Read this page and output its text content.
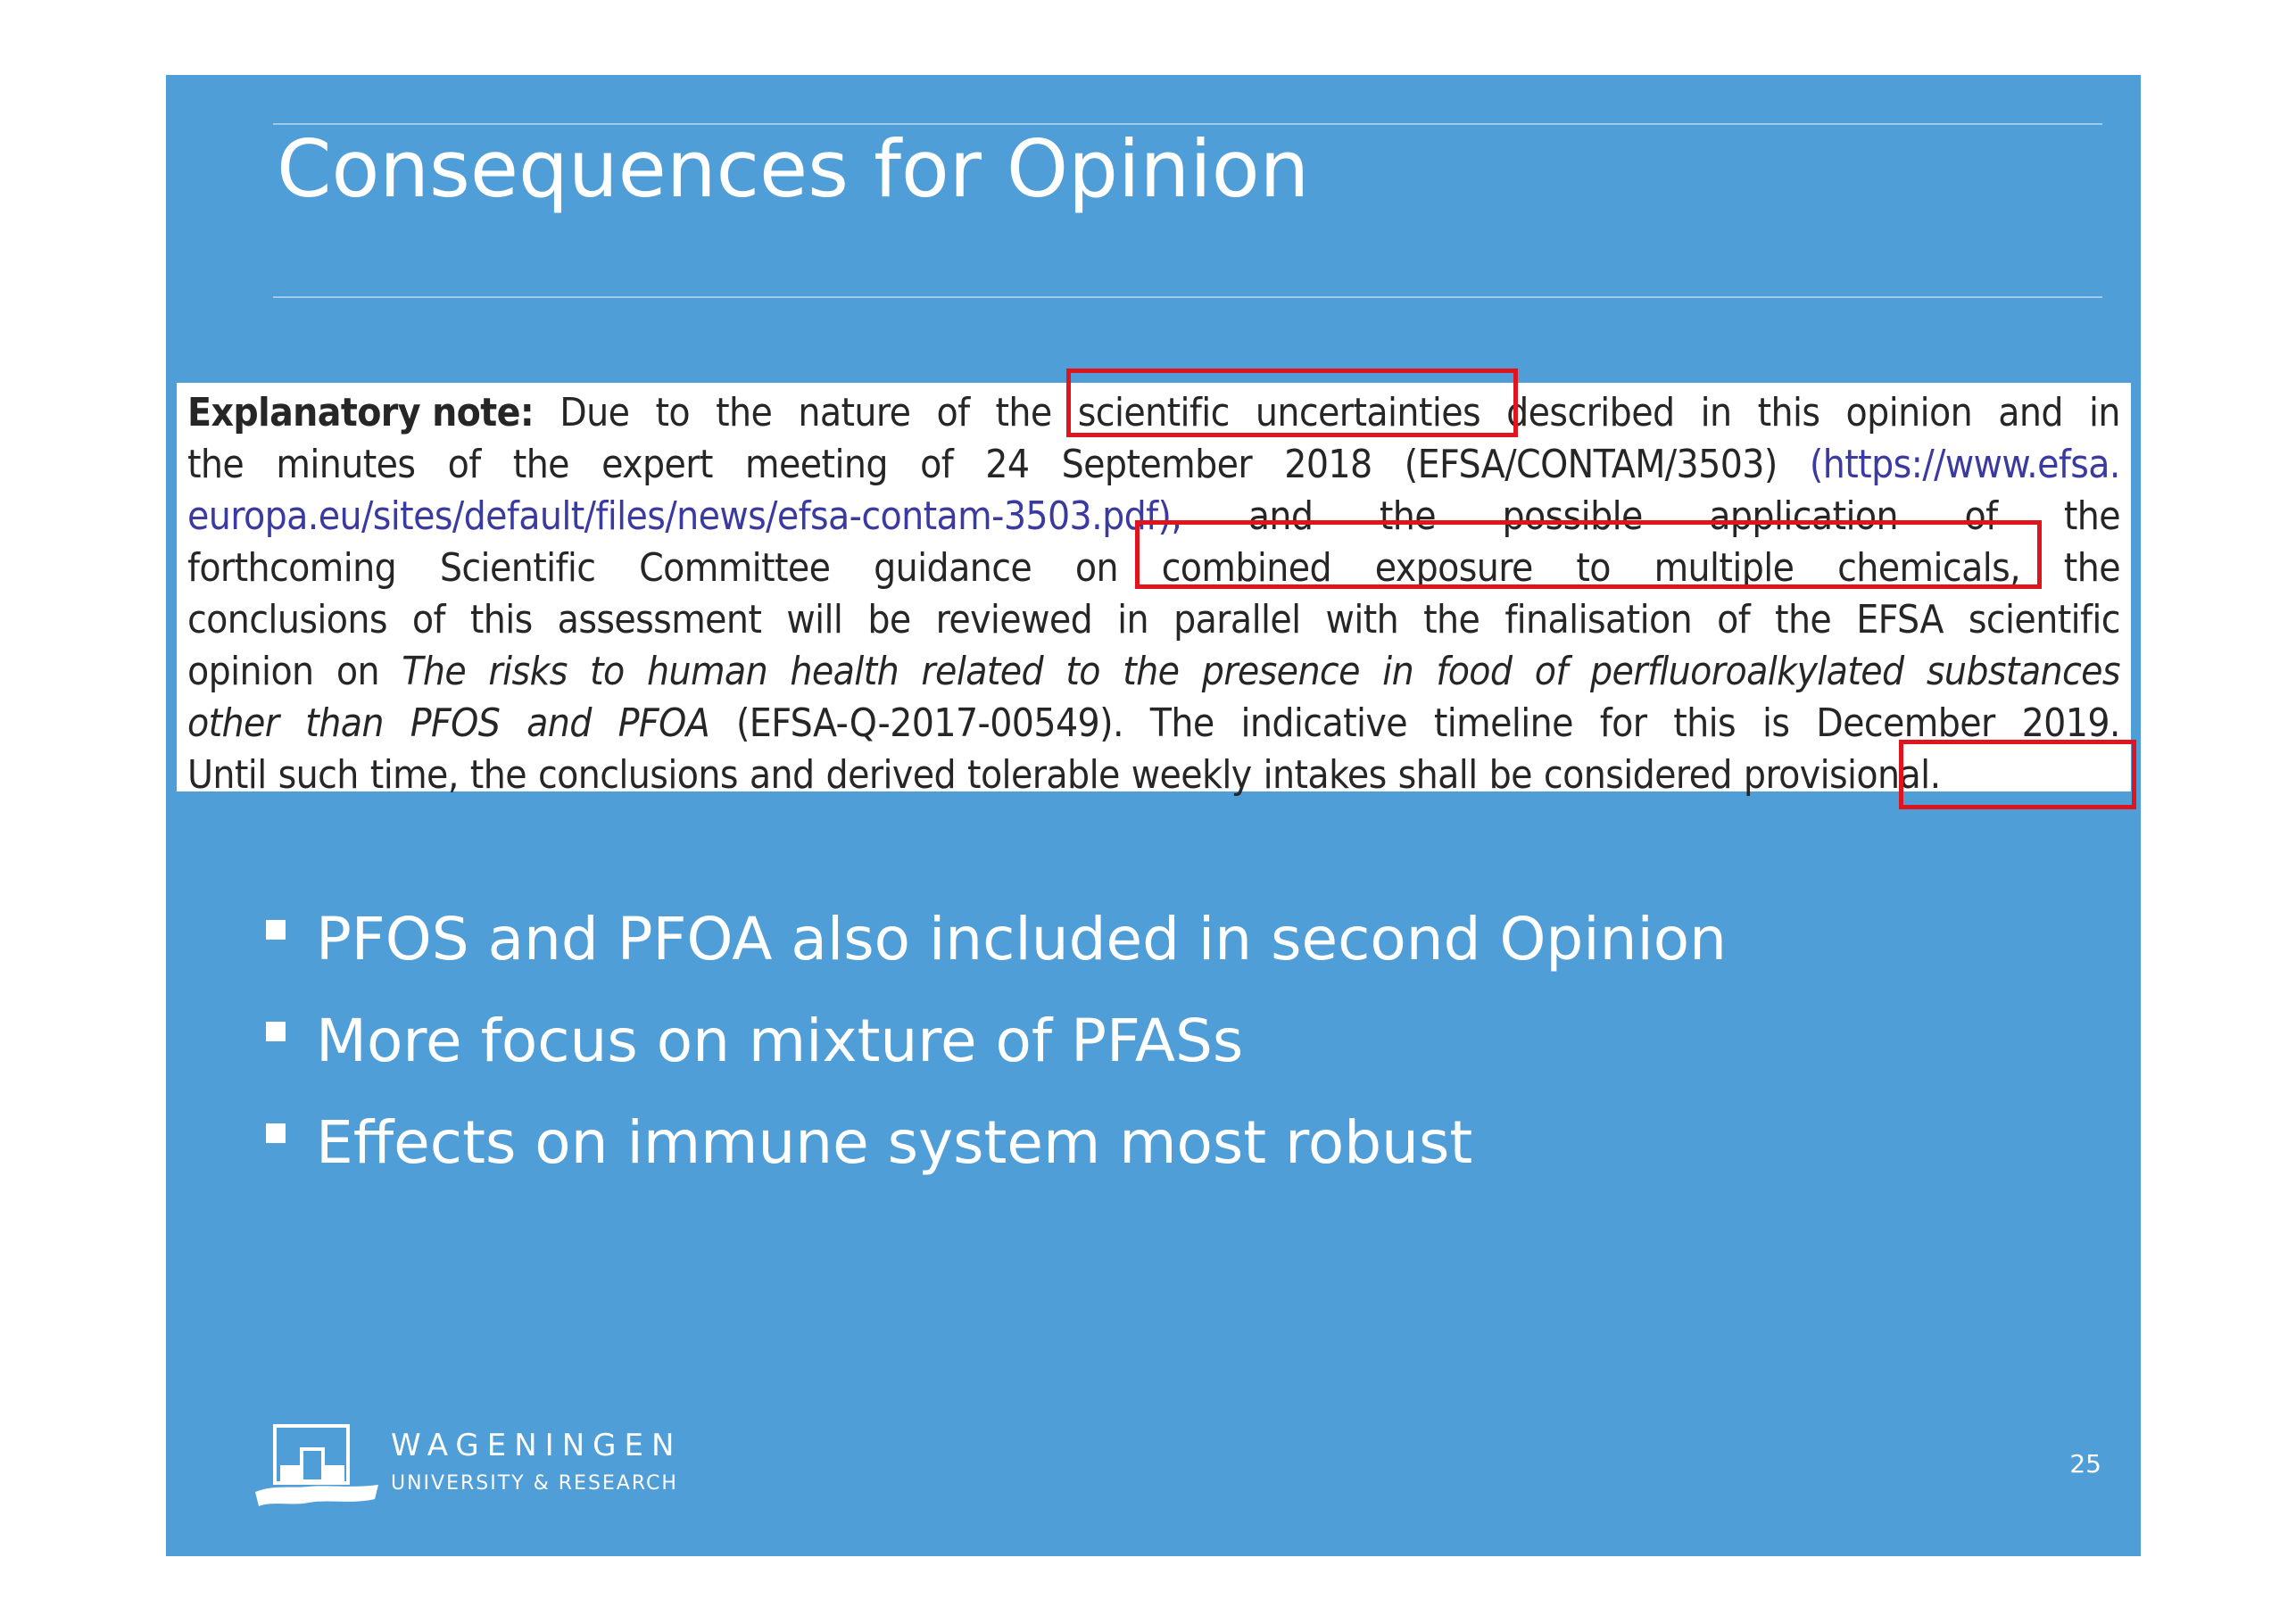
Consequences for Opinion
Explanatory note: Due to the nature of the scientific uncertainties described in this opinion and in
the minutes of the expert meeting of 24 September 2018 (EFSA/CONTAM/3503) (https://www.efsa.
europa.eu/sites/default/files/news/efsa-contam-3503.pdf), and the possible application of the
forthcoming Scientific Committee guidance on combined exposure to multiple chemicals, the
conclusions of this assessment will be reviewed in parallel with the finalisation of the EFSA scientific
opinion on The risks to human health related to the presence in food of perfluoroalkylated substances
other than PFOS and PFOA (EFSA-Q-2017-00549). The indicative timeline for this is December 2019.
Until such time, the conclusions and derived tolerable weekly intakes shall be considered provisional.
PFOS and PFOA also included in second Opinion
More focus on mixture of PFASs
Effects on immune system most robust
WAGENINGEN
UNIVERSITY & RESEARCH
25
